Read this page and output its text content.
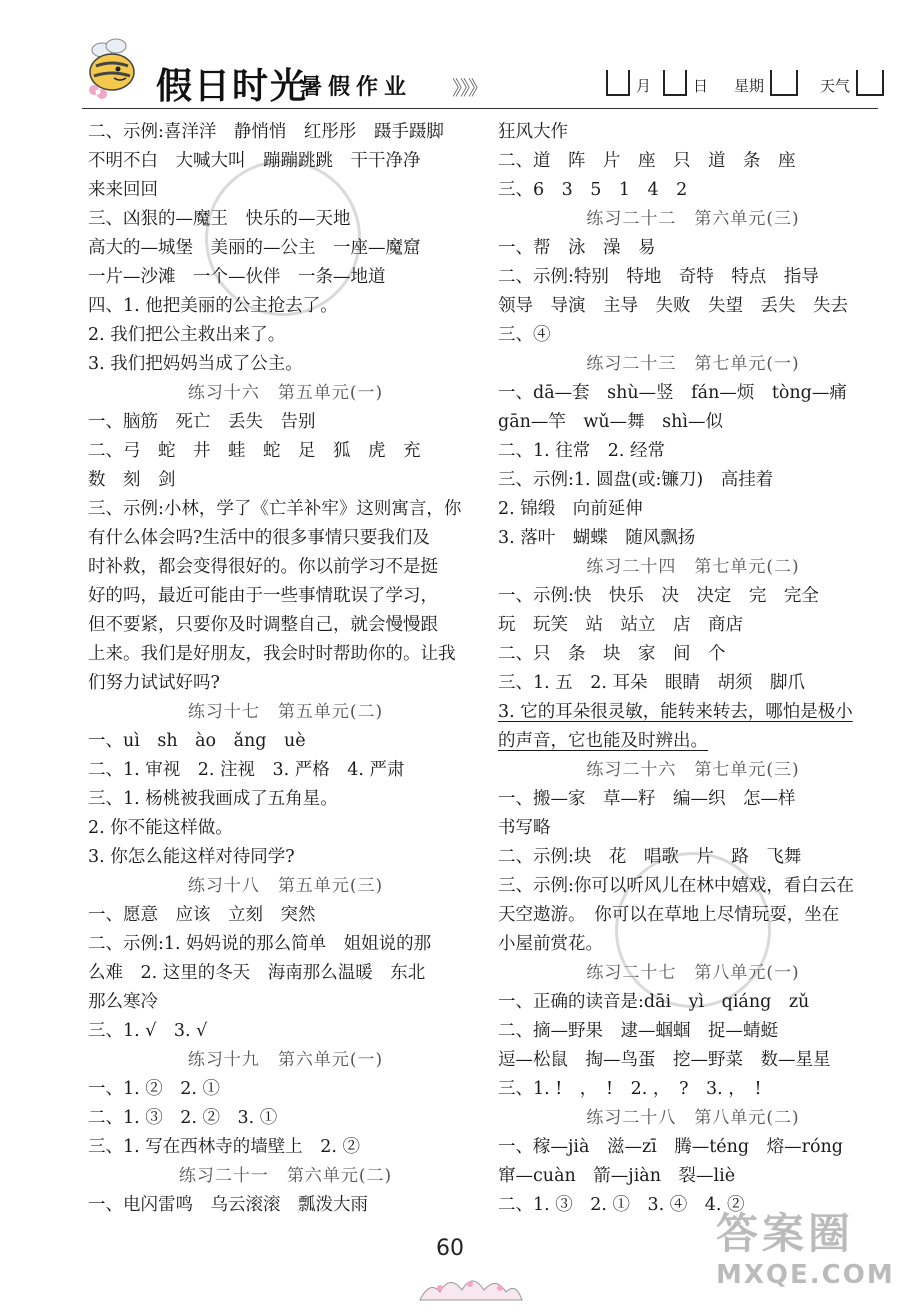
假日时光
暑假作业 》》》	月	日 星期	天气
二、示例:喜洋洋　静悄悄　红彤彤　蹑手蹑脚
不明不白　大喊大叫　蹦蹦跳跳　干干净净
来来回回
三、凶狠的—魔王　快乐的—天地
高大的—城堡　美丽的—公主　一座—魔窟
一片—沙滩　一个—伙伴　一条—地道
四、1. 他把美丽的公主抢去了。
2. 我们把公主救出来了。
3. 我们把妈妈当成了公主。
练习十六　第五单元(一)
一、脑筋　死亡　丢失　告别
二、弓　蛇　井　蛙　蛇　足　狐　虎　充
数　刻　剑
三、示例:小林，学了《亡羊补牢》这则寓言，你
有什么体会吗?生活中的很多事情只要我们及
时补救，都会变得很好的。你以前学习不是挺
好的吗，最近可能由于一些事情耽误了学习，
但不要紧，只要你及时调整自己，就会慢慢跟
上来。我们是好朋友，我会时时帮助你的。让我
们努力试试好吗?
练习十七　第五单元(二)
一、uì　sh　ào　ǎng　uè
二、1. 审视　2. 注视　3. 严格　4. 严肃
三、1. 杨桃被我画成了五角星。
2. 你不能这样做。
3. 你怎么能这样对待同学?
练习十八　第五单元(三)
一、愿意　应该　立刻　突然
二、示例:1. 妈妈说的那么简单　姐姐说的那
么难　2. 这里的冬天　海南那么温暖　东北
那么寒冷
三、1. √　3. √
练习十九　第六单元(一)
一、1. ②　2. ①
二、1. ③　2. ②　3. ①
三、1. 写在西林寺的墙壁上　2. ②
练习二十一　第六单元(二)
一、电闪雷鸣　乌云滚滚　瓢泼大雨
狂风大作
二、道　阵　片　座　只　道　条　座
三、6　3　5　1　4　2
练习二十二　第六单元(三)
一、帮　泳　澡　易
二、示例:特别　特地　奇特　特点　指导
领导　导演　主导　失败　失望　丢失　失去
三、④
练习二十三　第七单元(一)
一、dā—套　shù—竖　fán—烦　tòng—痛
gān—竿　wǔ—舞　shì—似
二、1. 往常　2. 经常
三、示例:1. 圆盘(或:镰刀)　高挂着
2. 锦缎　向前延伸
3. 落叶　蝴蝶　随风飘扬
练习二十四　第七单元(二)
一、示例:快　快乐　决　决定　完　完全
玩　玩笑　站　站立　店　商店
二、只　条　块　家　间　个
三、1. 五　2. 耳朵　眼睛　胡须　脚爪
3. 它的耳朵很灵敏，能转来转去，哪怕是极小
的声音，它也能及时辨出。
练习二十六　第七单元(三)
一、搬—家　草—籽　编—织　怎—样
书写略
二、示例:块　花　唱歌　片　路　飞舞
三、示例:你可以听风儿在林中嬉戏，看白云在
天空遨游。　你可以在草地上尽情玩耍，坐在
小屋前赏花。
练习二十七　第八单元(一)
一、正确的读音是:dāi　yì　qiáng　zǔ
二、摘—野果　逮—蝈蝈　捉—蜻蜓
逗—松鼠　掏—鸟蛋　挖—野菜　数—星星
三、1. !　，　!　2. ，　?　3. ，　!
练习二十八　第八单元(二)
一、稼—jià　滋—zī　腾—téng　熔—róng
窜—cuàn　箭—jiàn　裂—liè
二、1. ③　2. ①　3. ④　4. ②
60	答案圈
MXQE.COM
